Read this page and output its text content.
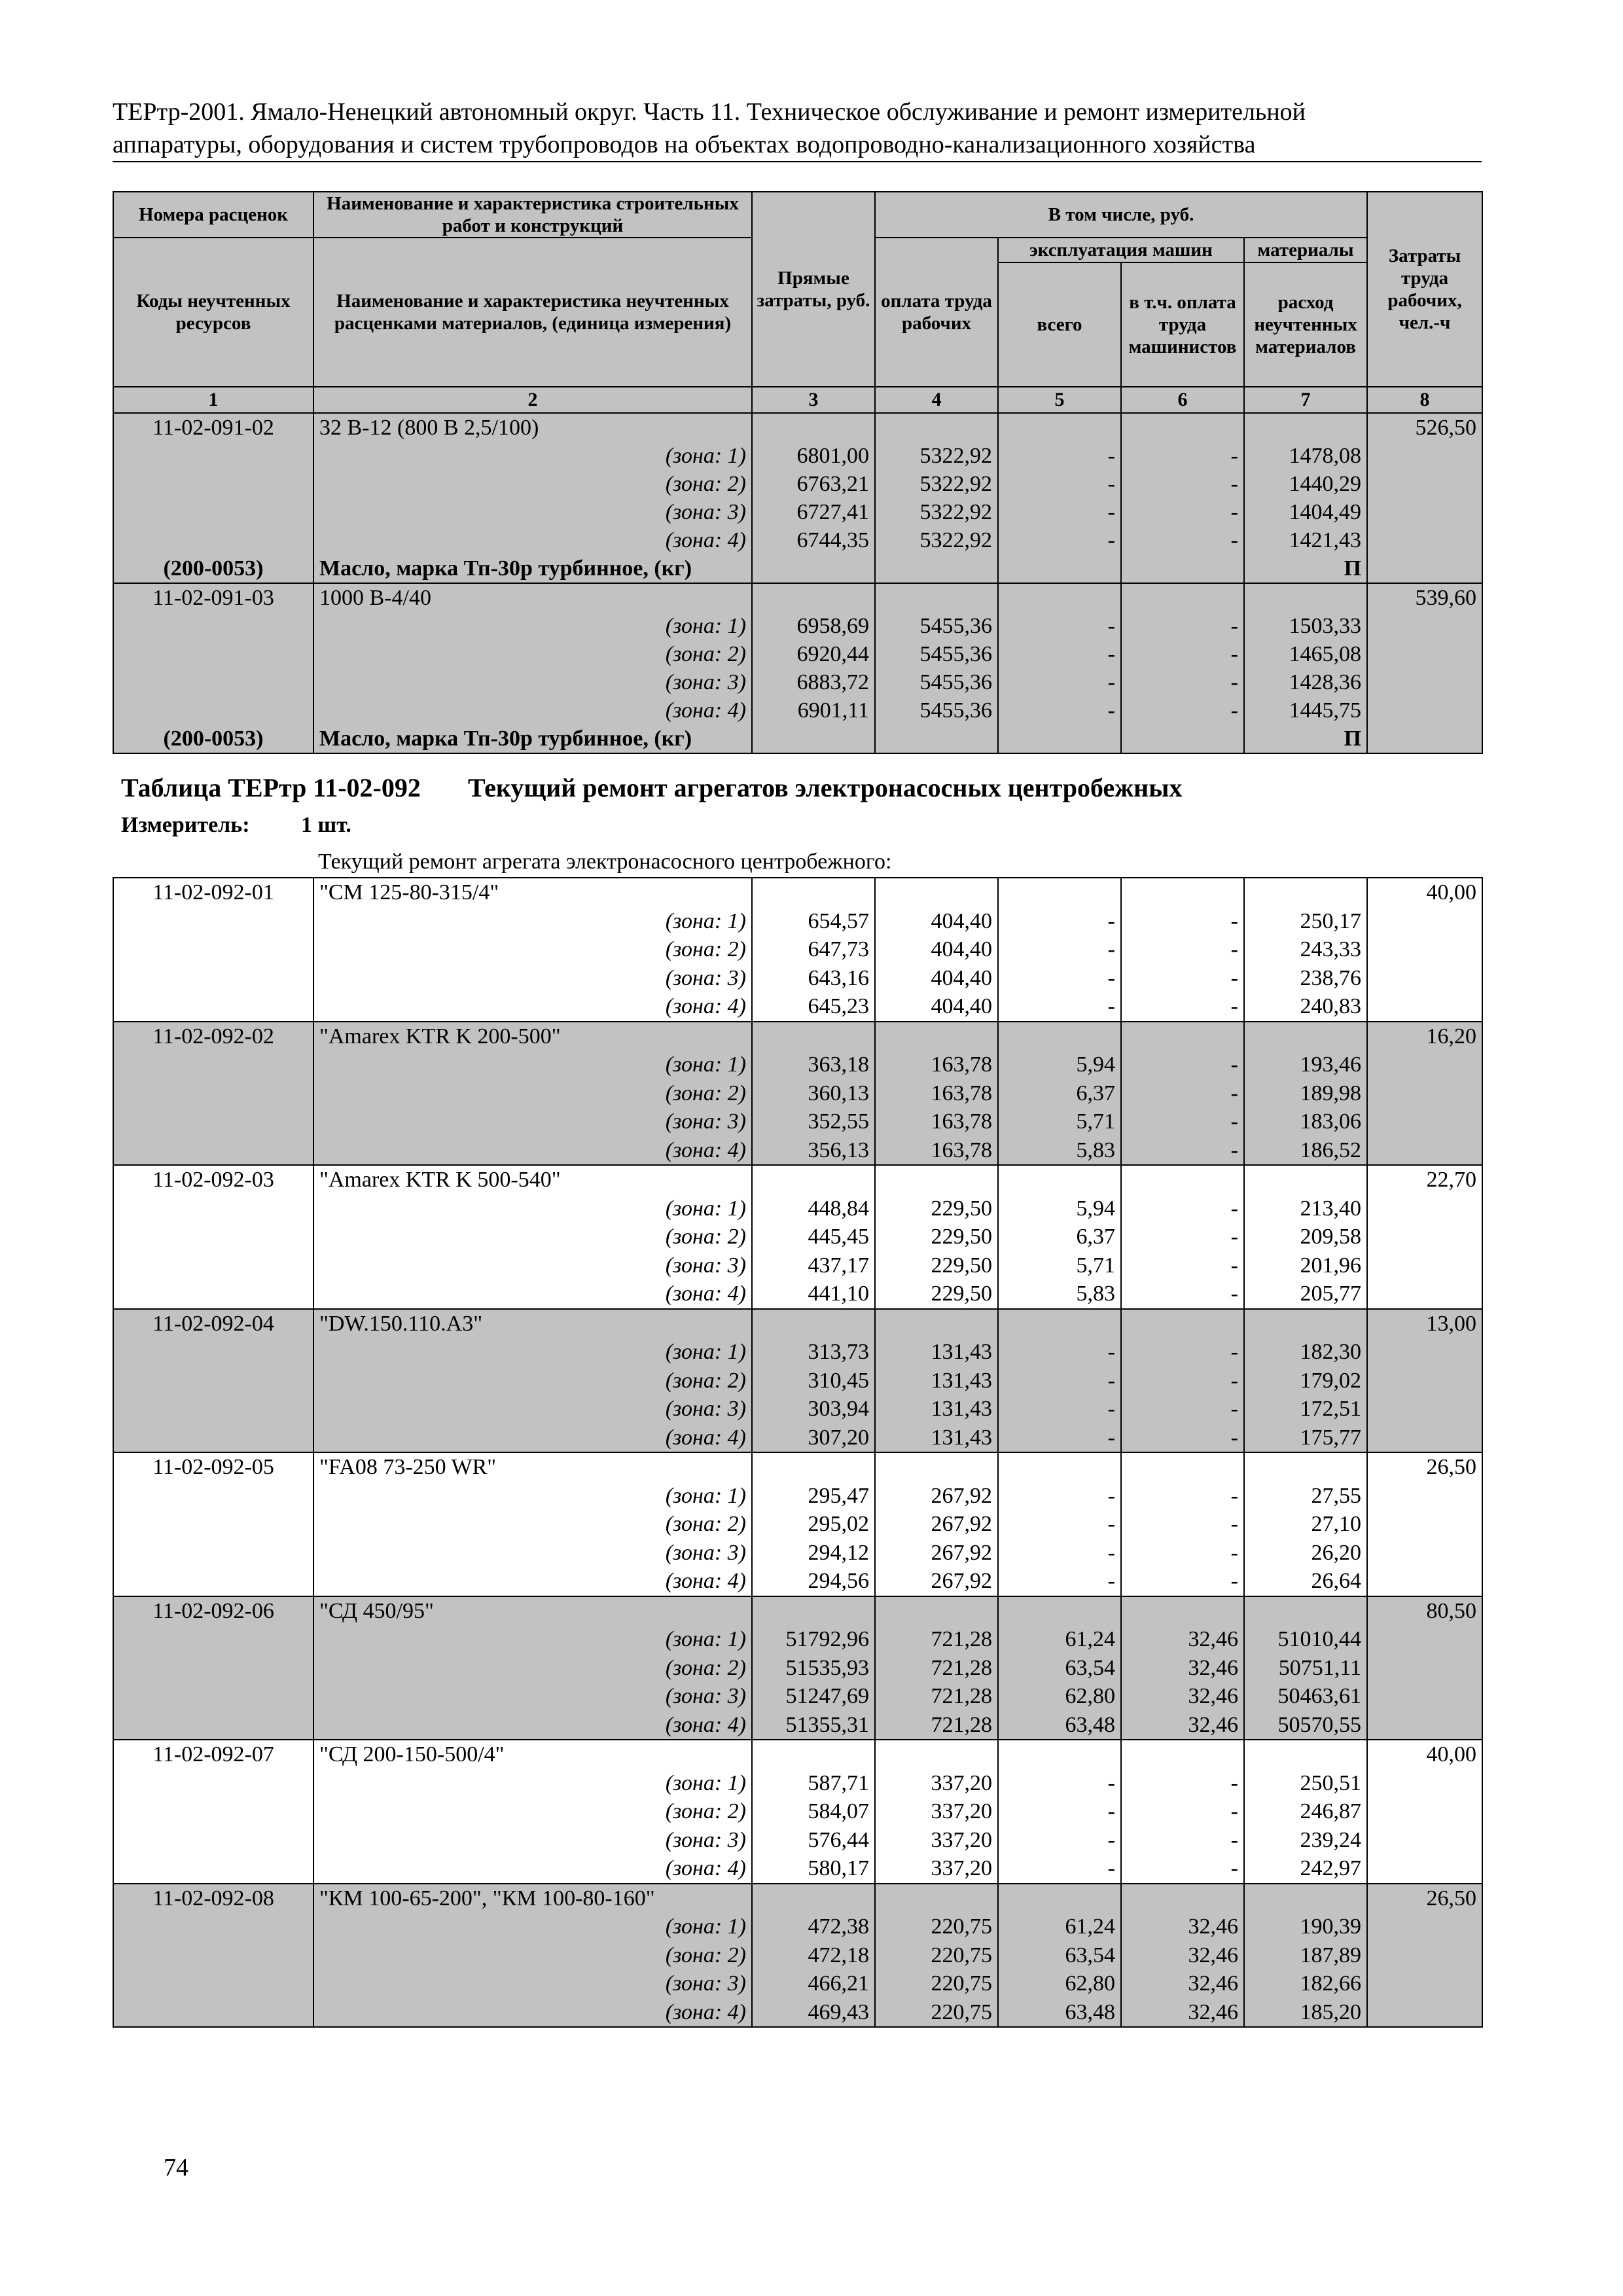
ТЕРтр-2001. Ямало-Ненецкий автономный округ. Часть 11. Техническое обслуживание и ремонт измерительной
аппаратуры, оборудования и систем трубопроводов на объектах водопроводно-канализационного хозяйства
Номера расценок	Наименование и характеристика строительных работ и конструкций	Прямые затраты, руб.	В том числе, руб.				Затраты труда рабочих, чел.-ч
Коды неучтенных ресурсов	Наименование и характеристика неучтенных расценками материалов, (единица измерения)		оплата труда рабочих	эксплуатация машин		материалы	
				всего	в т.ч. оплата труда машинистов	расход неучтенных материалов	
1	2	3	4	5	6	7	8
11-02-091-02	32 В-12 (800 В 2,5/100)						526,50
	(зона: 1)	6801,00	5322,92	-	-	1478,08	
	(зона: 2)	6763,21	5322,92	-	-	1440,29	
	(зона: 3)	6727,41	5322,92	-	-	1404,49	
	(зона: 4)	6744,35	5322,92	-	-	1421,43	
(200-0053)	Масло, марка Тп-30р турбинное, (кг)					П	
11-02-091-03	1000 В-4/40						539,60
	(зона: 1)	6958,69	5455,36	-	-	1503,33	
	(зона: 2)	6920,44	5455,36	-	-	1465,08	
	(зона: 3)	6883,72	5455,36	-	-	1428,36	
	(зона: 4)	6901,11	5455,36	-	-	1445,75	
(200-0053)	Масло, марка Тп-30р турбинное, (кг)					П	
Таблица ТЕРтр 11-02-092 Текущий ремонт агрегатов электронасосных центробежных
Измеритель: 1 шт.
Текущий ремонт агрегата электронасосного центробежного:
11-02-092-01	"СМ 125-80-315/4"						40,00
	(зона: 1)	654,57	404,40	-	-	250,17	
	(зона: 2)	647,73	404,40	-	-	243,33	
	(зона: 3)	643,16	404,40	-	-	238,76	
	(зона: 4)	645,23	404,40	-	-	240,83	
11-02-092-02	"Amarex KTR K 200-500"						16,20
	(зона: 1)	363,18	163,78	5,94	-	193,46	
	(зона: 2)	360,13	163,78	6,37	-	189,98	
	(зона: 3)	352,55	163,78	5,71	-	183,06	
	(зона: 4)	356,13	163,78	5,83	-	186,52	
11-02-092-03	"Amarex KTR K 500-540"						22,70
	(зона: 1)	448,84	229,50	5,94	-	213,40	
	(зона: 2)	445,45	229,50	6,37	-	209,58	
	(зона: 3)	437,17	229,50	5,71	-	201,96	
	(зона: 4)	441,10	229,50	5,83	-	205,77	
11-02-092-04	"DW.150.110.A3"						13,00
	(зона: 1)	313,73	131,43	-	-	182,30	
	(зона: 2)	310,45	131,43	-	-	179,02	
	(зона: 3)	303,94	131,43	-	-	172,51	
	(зона: 4)	307,20	131,43	-	-	175,77	
11-02-092-05	"FA08 73-250 WR"						26,50
	(зона: 1)	295,47	267,92	-	-	27,55	
	(зона: 2)	295,02	267,92	-	-	27,10	
	(зона: 3)	294,12	267,92	-	-	26,20	
	(зона: 4)	294,56	267,92	-	-	26,64	
11-02-092-06	"СД 450/95"						80,50
	(зона: 1)	51792,96	721,28	61,24	32,46	51010,44	
	(зона: 2)	51535,93	721,28	63,54	32,46	50751,11	
	(зона: 3)	51247,69	721,28	62,80	32,46	50463,61	
	(зона: 4)	51355,31	721,28	63,48	32,46	50570,55	
11-02-092-07	"СД 200-150-500/4"						40,00
	(зона: 1)	587,71	337,20	-	-	250,51	
	(зона: 2)	584,07	337,20	-	-	246,87	
	(зона: 3)	576,44	337,20	-	-	239,24	
	(зона: 4)	580,17	337,20	-	-	242,97	
11-02-092-08	"КМ 100-65-200", "КМ 100-80-160"						26,50
	(зона: 1)	472,38	220,75	61,24	32,46	190,39	
	(зона: 2)	472,18	220,75	63,54	32,46	187,89	
	(зона: 3)	466,21	220,75	62,80	32,46	182,66	
	(зона: 4)	469,43	220,75	63,48	32,46	185,20	
74
